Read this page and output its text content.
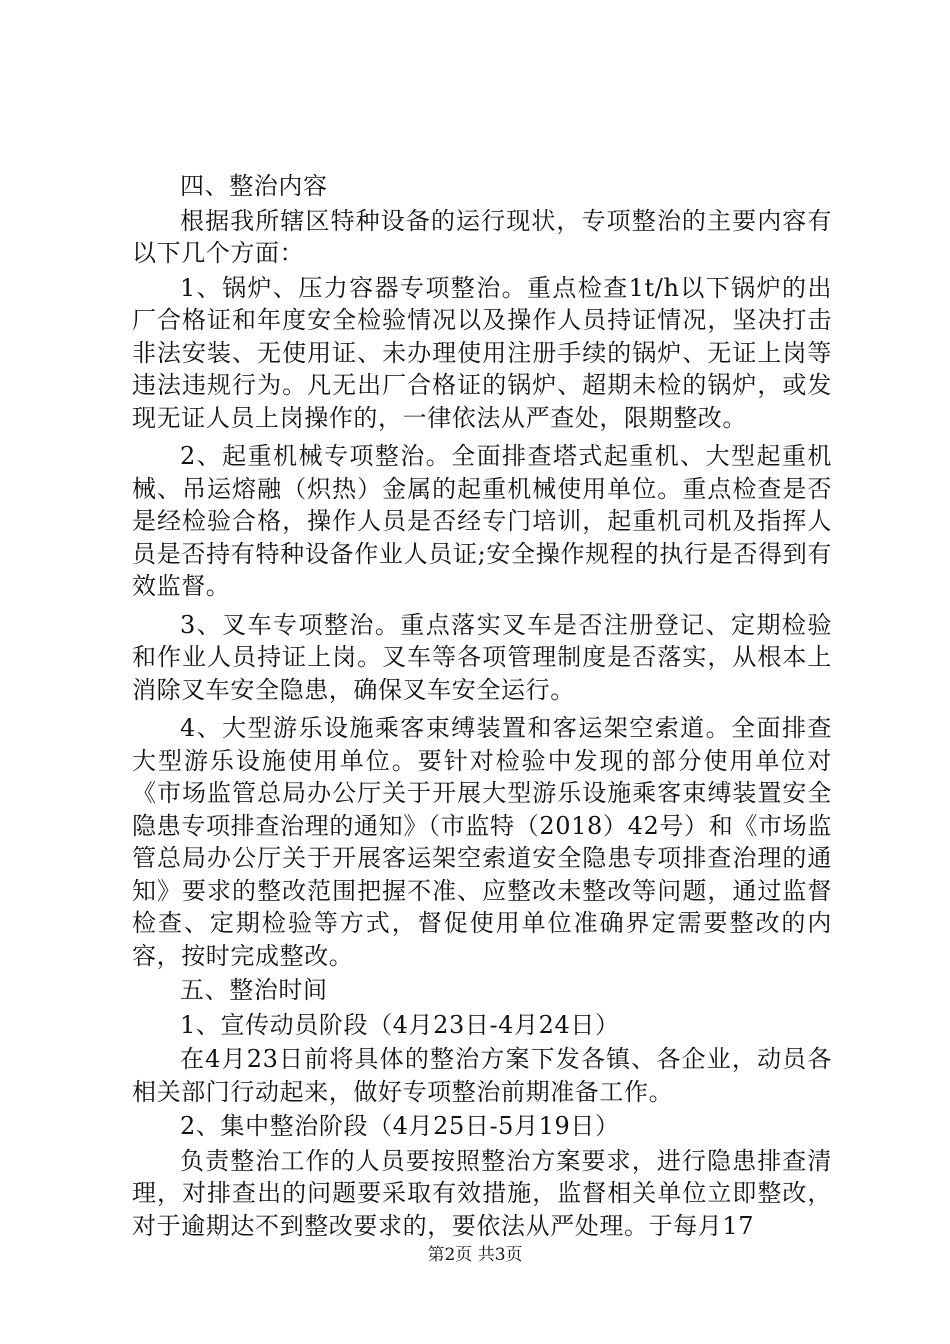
四、整治内容

根据我所辖区特种设备的运行现状，专项整治的主要内容有以下几个方面：

1、锅炉、压力容器专项整治。重点检查1t/h以下锅炉的出厂合格证和年度安全检验情况以及操作人员持证情况，坚决打击非法安装、无使用证、未办理使用注册手续的锅炉、无证上岗等违法违规行为。凡无出厂合格证的锅炉、超期未检的锅炉，或发现无证人员上岗操作的，一律依法从严查处，限期整改。

2、起重机械专项整治。全面排查塔式起重机、大型起重机械、吊运熔融（炽热）金属的起重机械使用单位。重点检查是否是经检验合格，操作人员是否经专门培训，起重机司机及指挥人员是否持有特种设备作业人员证;安全操作规程的执行是否得到有效监督。

3、叉车专项整治。重点落实叉车是否注册登记、定期检验和作业人员持证上岗。叉车等各项管理制度是否落实，从根本上消除叉车安全隐患，确保叉车安全运行。

4、大型游乐设施乘客束缚装置和客运架空索道。全面排查大型游乐设施使用单位。要针对检验中发现的部分使用单位对《市场监管总局办公厅关于开展大型游乐设施乘客束缚装置安全隐患专项排查治理的通知》（市监特（2018）42号）和《市场监管总局办公厅关于开展客运架空索道安全隐患专项排查治理的通知》要求的整改范围把握不准、应整改未整改等问题，通过监督检查、定期检验等方式，督促使用单位准确界定需要整改的内容，按时完成整改。

五、整治时间

1、宣传动员阶段（4月23日-4月24日）

在4月23日前将具体的整治方案下发各镇、各企业，动员各相关部门行动起来，做好专项整治前期准备工作。

2、集中整治阶段（4月25日-5月19日）

负责整治工作的人员要按照整治方案要求，进行隐患排查清理，对排查出的问题要采取有效措施，监督相关单位立即整改，对于逾期达不到整改要求的，要依法从严处理。于每月17

第2页 共3页
